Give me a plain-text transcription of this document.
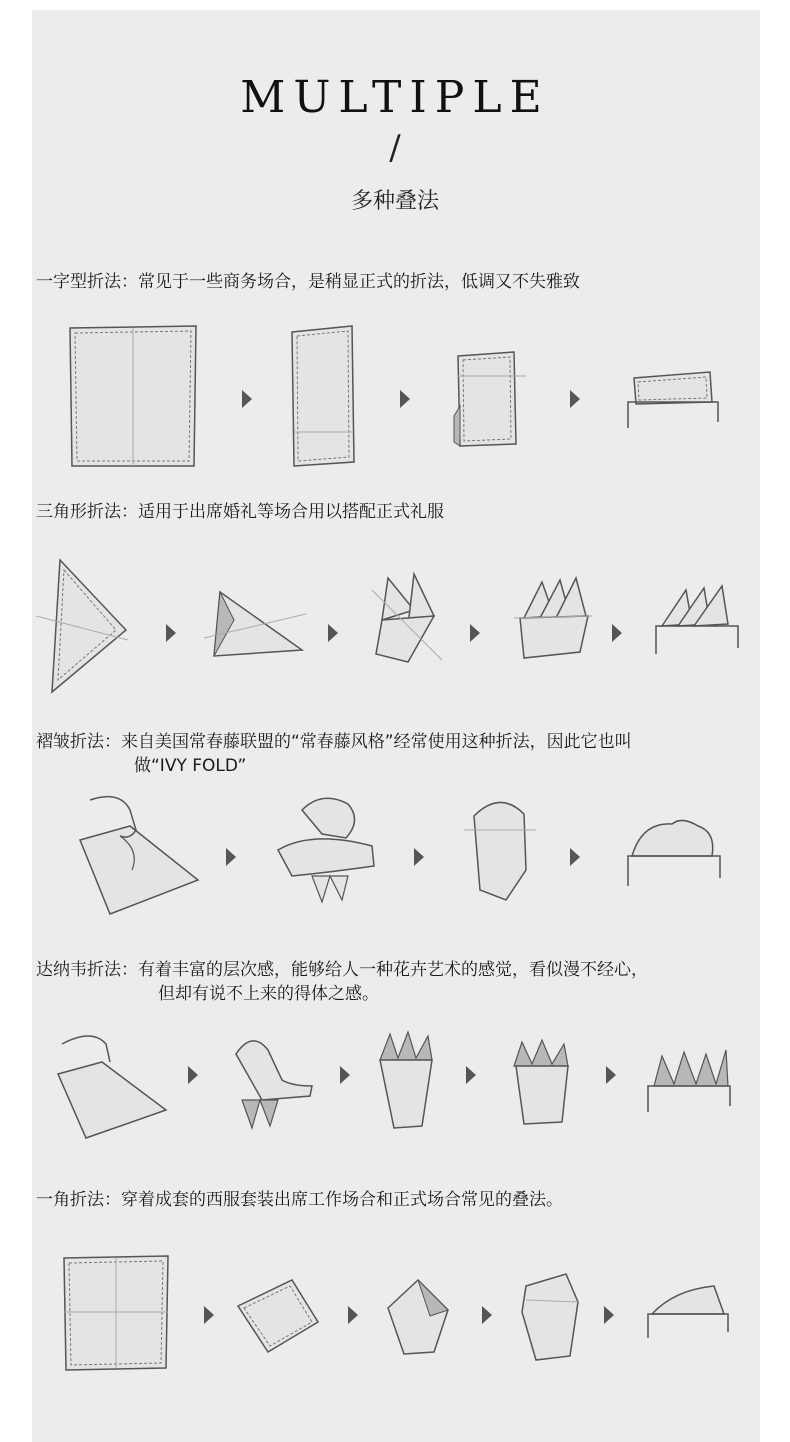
MULTIPLE
/
多种叠法
一字型折法：常见于一些商务场合，是稍显正式的折法，低调又不失雅致
三角形折法：适用于出席婚礼等场合用以搭配正式礼服
褶皱折法：来自美国常春藤联盟的“常春藤风格”经常使用这种折法，因此它也叫
做“IVY FOLD”
达纳韦折法：有着丰富的层次感，能够给人一种花卉艺术的感觉，看似漫不经心，
但却有说不上来的得体之感。
一角折法：穿着成套的西服套装出席工作场合和正式场合常见的叠法。
